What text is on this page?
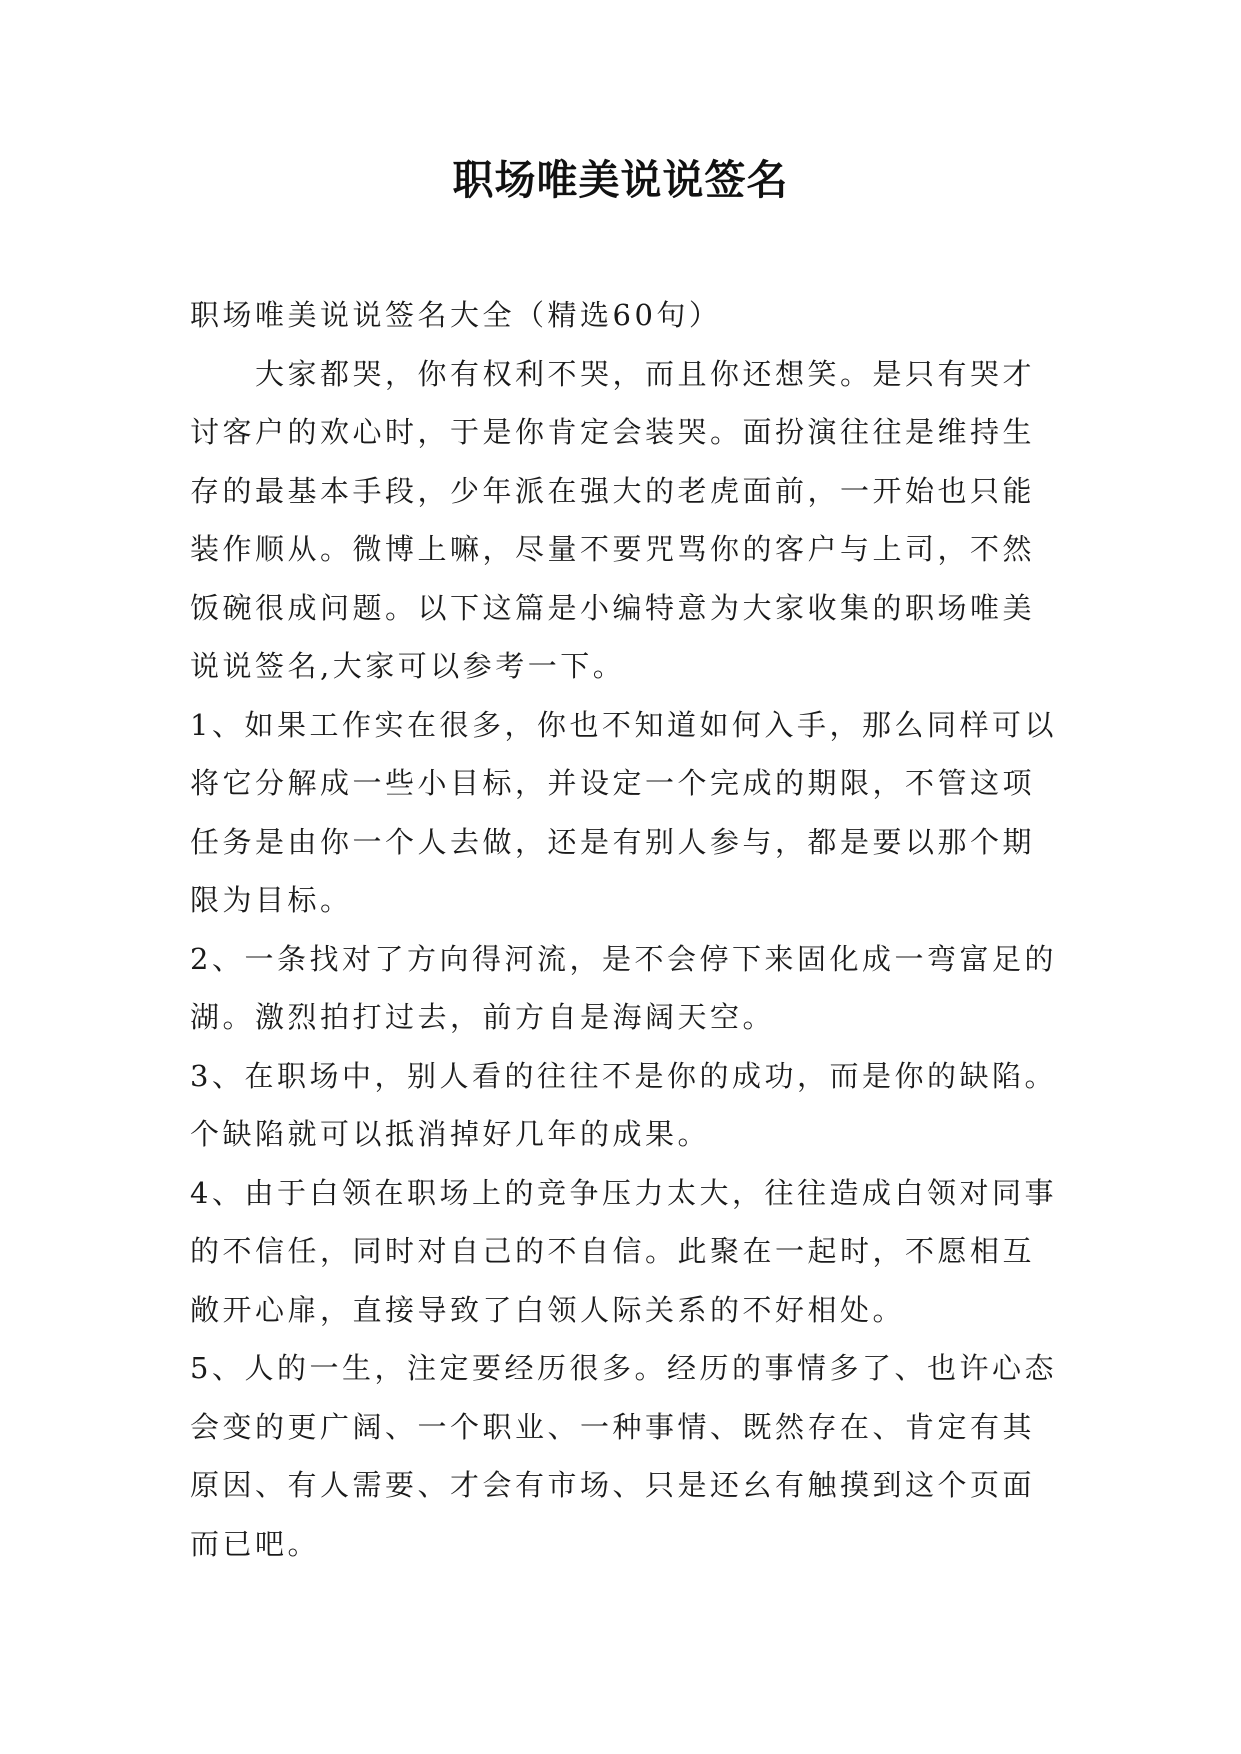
职场唯美说说签名

职场唯美说说签名大全（精选60句）

大家都哭，你有权利不哭，而且你还想笑。是只有哭才讨客户的欢心时，于是你肯定会装哭。面扮演往往是维持生存的最基本手段，少年派在强大的老虎面前，一开始也只能装作顺从。微博上嘛，尽量不要咒骂你的客户与上司，不然饭碗很成问题。以下这篇是小编特意为大家收集的职场唯美说说签名,大家可以参考一下。

1、如果工作实在很多，你也不知道如何入手，那么同样可以将它分解成一些小目标，并设定一个完成的期限，不管这项任务是由你一个人去做，还是有别人参与，都是要以那个期限为目标。

2、一条找对了方向得河流，是不会停下来固化成一弯富足的湖。激烈拍打过去，前方自是海阔天空。

3、在职场中，别人看的往往不是你的成功，而是你的缺陷。个缺陷就可以抵消掉好几年的成果。

4、由于白领在职场上的竞争压力太大，往往造成白领对同事的不信任，同时对自己的不自信。此聚在一起时，不愿相互敞开心扉，直接导致了白领人际关系的不好相处。

5、人的一生，注定要经历很多。经历的事情多了、也许心态会变的更广阔、一个职业、一种事情、既然存在、肯定有其原因、有人需要、才会有市场、只是还幺有触摸到这个页面而已吧。
